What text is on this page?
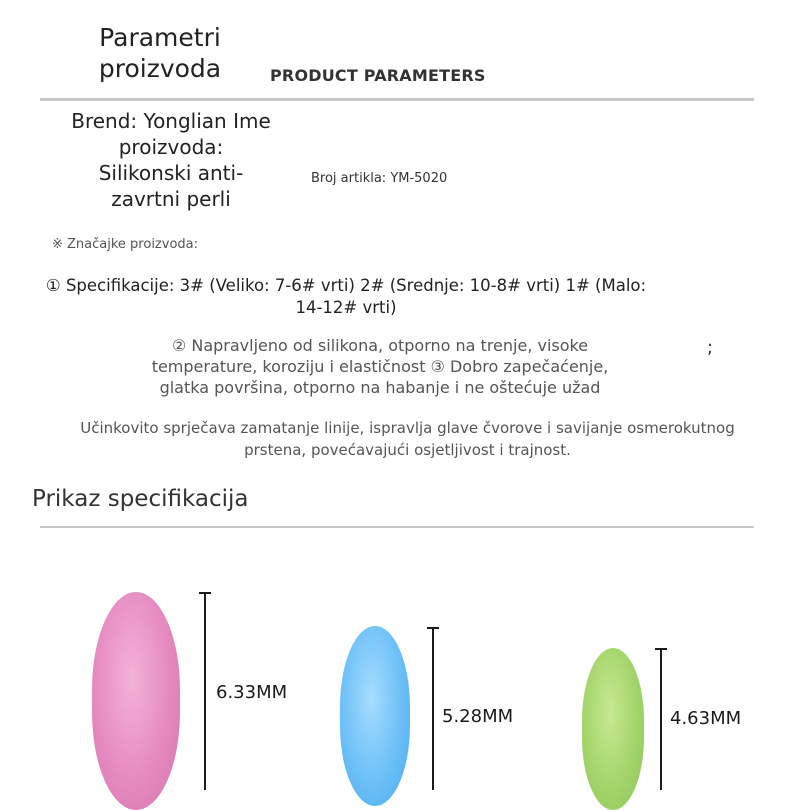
Parametri proizvoda	PRODUCT PARAMETERS
Brend: Yonglian Ime proizvoda: Silikonski anti-zavrtni perli
Broj artikla: YM-5020
※ Značajke proizvoda:
① Specifikacije: 3# (Veliko: 7-6# vrti) 2# (Srednje: 10-8# vrti) 1# (Malo: 14-12# vrti)
② Napravljeno od silikona, otporno na trenje, visoke temperature, koroziju i elastičnost ③ Dobro zapečaćenje, glatka površina, otporno na habanje i ne oštećuje užad
;
Učinkovito sprječava zamatanje linije, ispravlja glave čvorove i savijanje osmerokutnog prstena, povećavajući osjetljivost i trajnost.
Prikaz specifikacija
6.33MM
5.28MM	4.63MM
